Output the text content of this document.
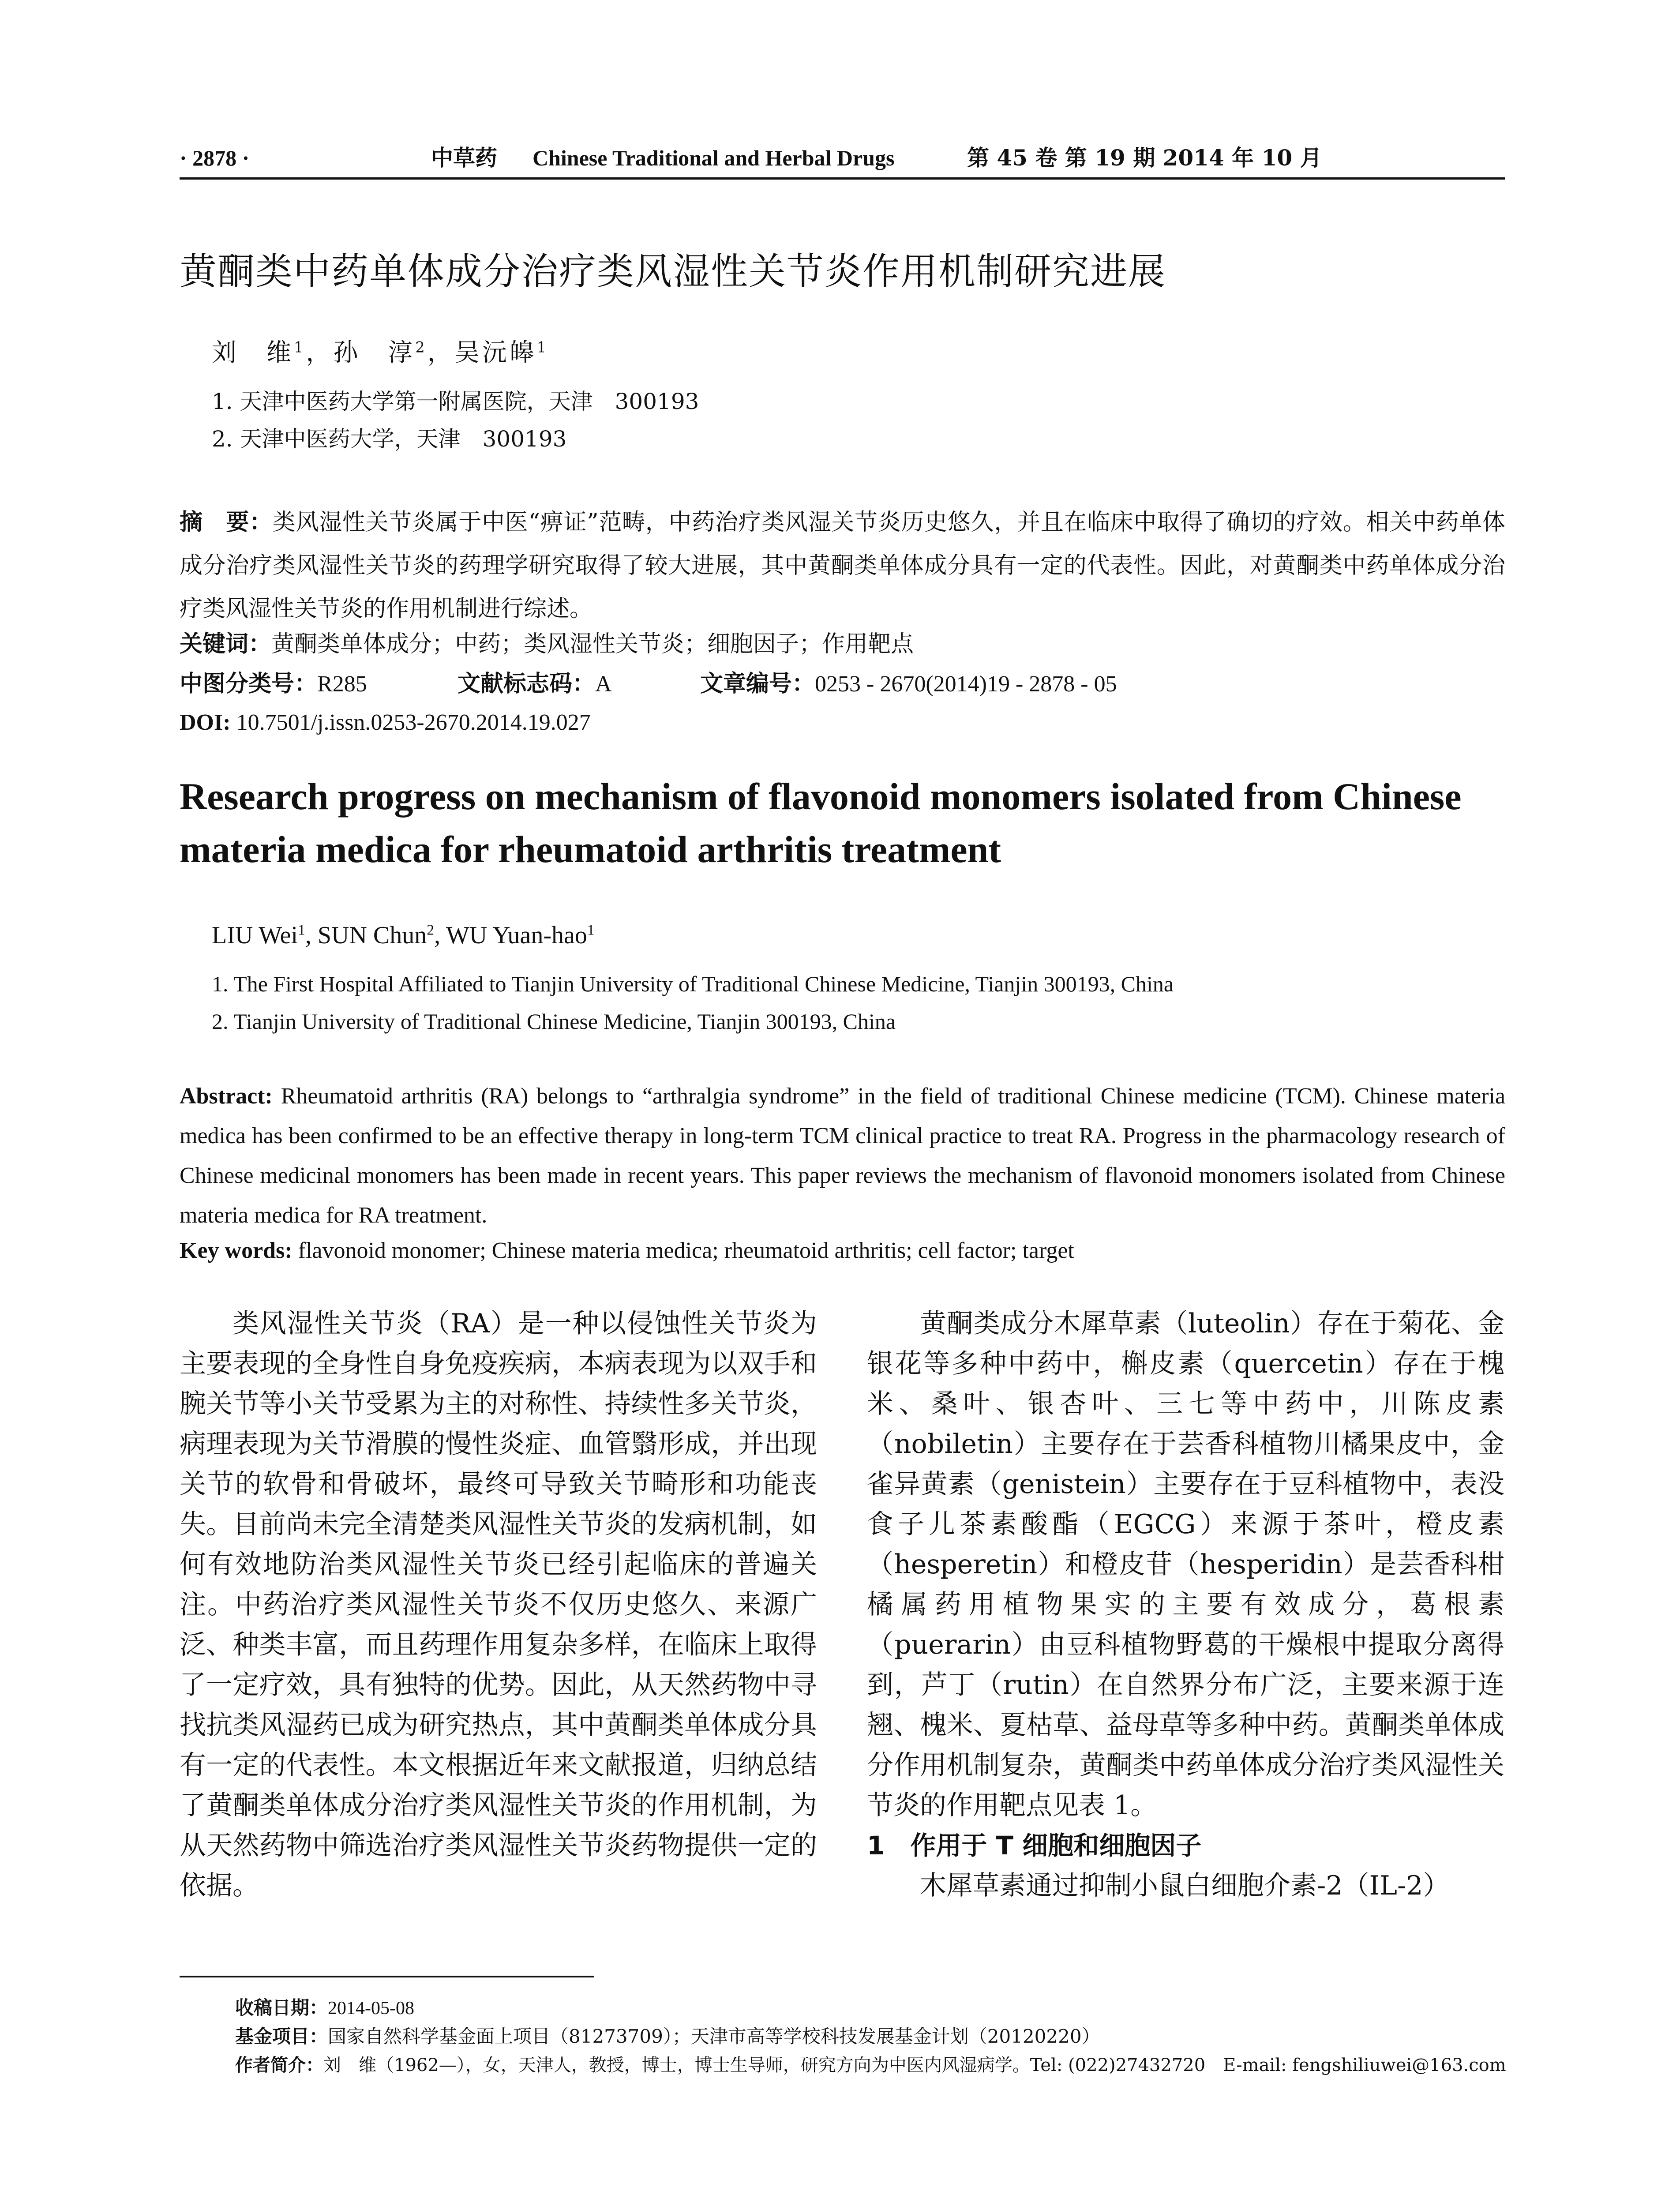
· 2878 ·	中草药 Chinese Traditional and Herbal Drugs	第 45 卷 第 19 期 2014 年 10 月
黄酮类中药单体成分治疗类风湿性关节炎作用机制研究进展
刘　维$^1$，孙　淳$^2$，吴沅皞$^1$
1. 天津中医药大学第一附属医院，天津　300193
2. 天津中医药大学，天津　300193
摘　要：类风湿性关节炎属于中医“痹证”范畴，中药治疗类风湿关节炎历史悠久，并且在临床中取得了确切的疗效。相关中药单体成分治疗类风湿性关节炎的药理学研究取得了较大进展，其中黄酮类单体成分具有一定的代表性。因此，对黄酮类中药单体成分治疗类风湿性关节炎的作用机制进行综述。
关键词：黄酮类单体成分；中药；类风湿性关节炎；细胞因子；作用靶点
中图分类号：R285	文献标志码：A	文章编号：0253 - 2670(2014)19 - 2878 - 05
DOI: 10.7501/j.issn.0253-2670.2014.19.027
Research progress on mechanism of flavonoid monomers isolated from Chinese materia medica for rheumatoid arthritis treatment
LIU Wei$^1$, SUN Chun$^2$, WU Yuan-hao$^1$
1. The First Hospital Affiliated to Tianjin University of Traditional Chinese Medicine, Tianjin 300193, China
2. Tianjin University of Traditional Chinese Medicine, Tianjin 300193, China
Abstract: Rheumatoid arthritis (RA) belongs to “arthralgia syndrome” in the field of traditional Chinese medicine (TCM). Chinese materia medica has been confirmed to be an effective therapy in long-term TCM clinical practice to treat RA. Progress in the pharmacology research of Chinese medicinal monomers has been made in recent years. This paper reviews the mechanism of flavonoid monomers isolated from Chinese materia medica for RA treatment.
Key words: flavonoid monomer; Chinese materia medica; rheumatoid arthritis; cell factor; target

类风湿性关节炎（RA）是一种以侵蚀性关节炎为主要表现的全身性自身免疫疾病，本病表现为以双手和腕关节等小关节受累为主的对称性、持续性多关节炎，病理表现为关节滑膜的慢性炎症、血管翳形成，并出现关节的软骨和骨破坏，最终可导致关节畸形和功能丧失。目前尚未完全清楚类风湿性关节炎的发病机制，如何有效地防治类风湿性关节炎已经引起临床的普遍关注。中药治疗类风湿性关节炎不仅历史悠久、来源广泛、种类丰富，而且药理作用复杂多样，在临床上取得了一定疗效，具有独特的优势。因此，从天然药物中寻找抗类风湿药已成为研究热点，其中黄酮类单体成分具有一定的代表性。本文根据近年来文献报道，归纳总结了黄酮类单体成分治疗类风湿性关节炎的作用机制，为从天然药物中筛选治疗类风湿性关节炎药物提供一定的依据。

黄酮类成分木犀草素（luteolin）存在于菊花、金银花等多种中药中，槲皮素（quercetin）存在于槐米、桑叶、银杏叶、三七等中药中，川陈皮素（nobiletin）主要存在于芸香科植物川橘果皮中，金雀异黄素（genistein）主要存在于豆科植物中，表没食子儿茶素酸酯（EGCG）来源于茶叶，橙皮素（hesperetin）和橙皮苷（hesperidin）是芸香科柑橘属药用植物果实的主要有效成分，葛根素（puerarin）由豆科植物野葛的干燥根中提取分离得到，芦丁（rutin）在自然界分布广泛，主要来源于连翘、槐米、夏枯草、益母草等多种中药。黄酮类单体成分作用机制复杂，黄酮类中药单体成分治疗类风湿性关节炎的作用靶点见表 1。

1　作用于 T 细胞和细胞因子

木犀草素通过抑制小鼠白细胞介素-2（IL-2）

收稿日期：2014-05-08
基金项目：国家自然科学基金面上项目（81273709）；天津市高等学校科技发展基金计划（20120220）
作者简介：刘　维（1962—），女，天津人，教授，博士，博士生导师，研究方向为中医内风湿病学。Tel: (022)27432720　E-mail: fengshiliuwei@163.com
